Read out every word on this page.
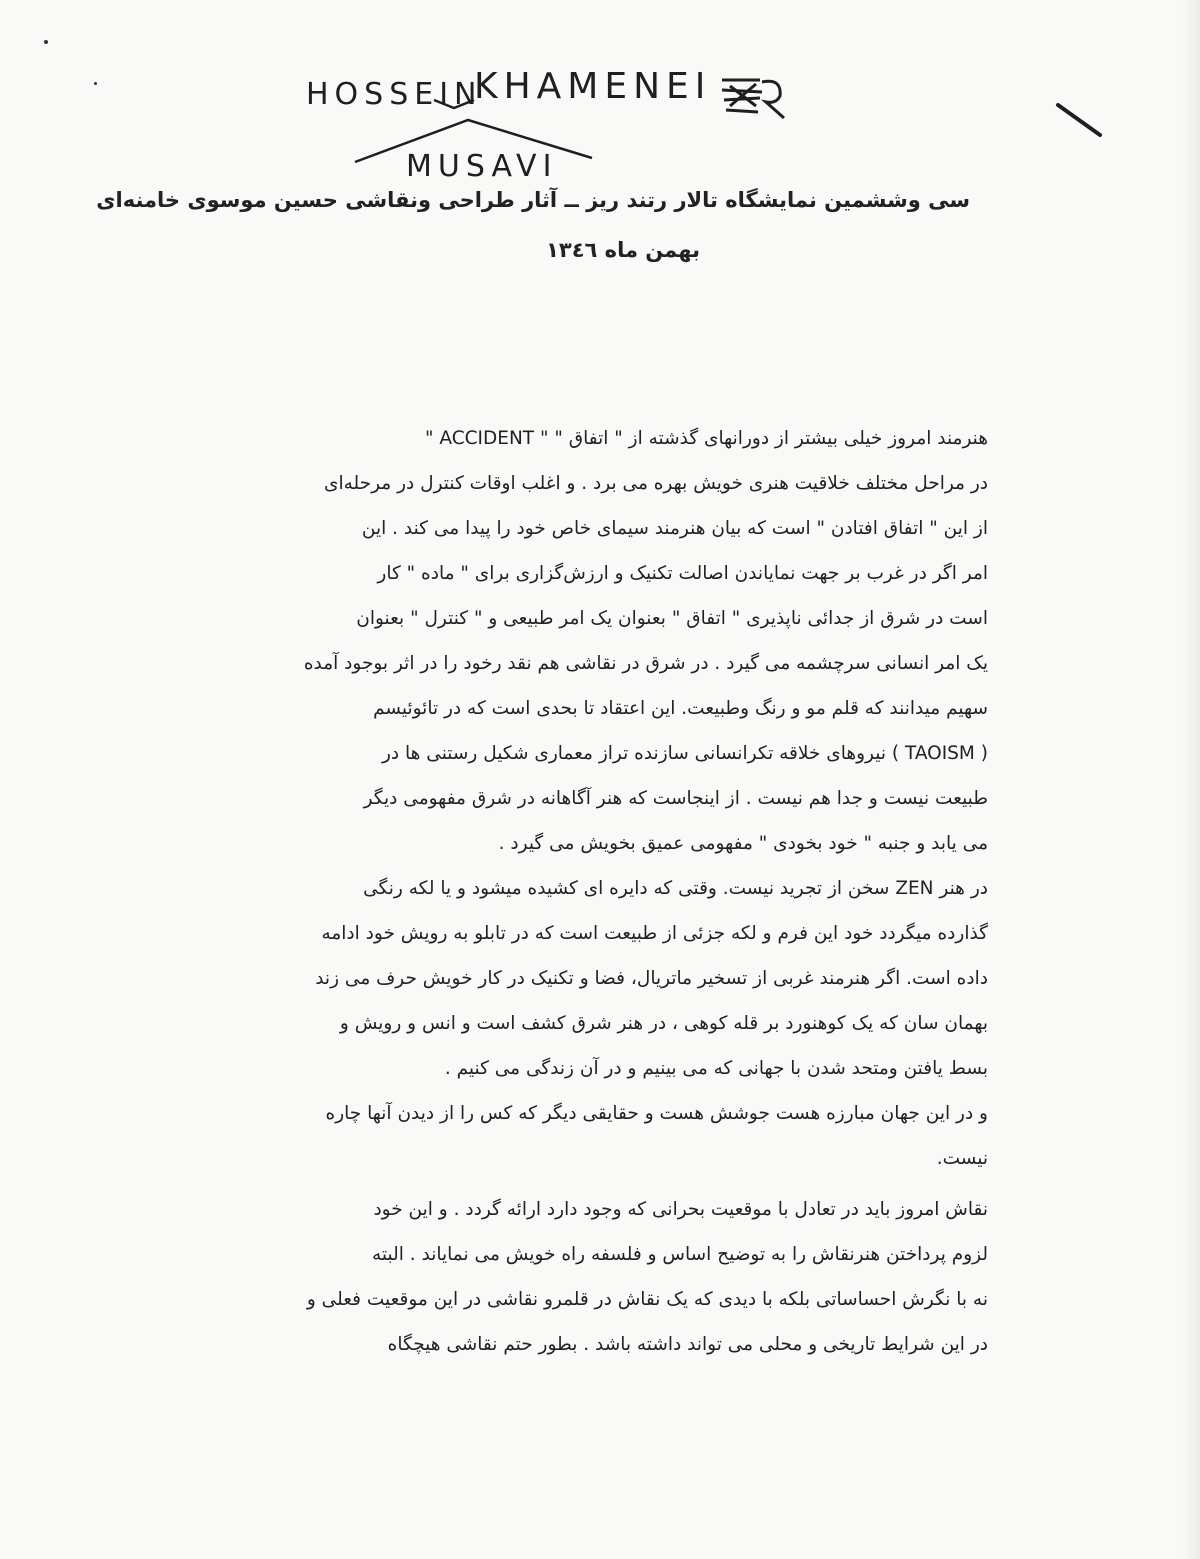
HOSSEIN
KHAMENEI
MUSAVI
سی وششمین نمایشگاه تالار رتند ریز ــ آثار طراحی ونقاشی حسین موسوی خامنه‌ای
بهمن ماه ١٣٤٦

هنرمند امروز خیلی بیشتر از دورانهای گذشته از " اتفاق " " ACCIDENT "
در مراحل مختلف خلاقیت هنری خویش بهره می برد . و اغلب اوقات کنترل در مرحله‌ای
از این " اتفاق افتادن " است که بیان هنرمند سیمای خاص خود را پیدا می کند . این
امر اگر در غرب بر جهت نمایاندن اصالت تکنیک و ارزش‌گزاری برای " ماده " کار
است در شرق از جدائی ناپذیری " اتفاق " بعنوان یک امر طبیعی و " کنترل " بعنوان
یک امر انسانی سرچشمه می گیرد . در شرق در نقاشی هم نقد رخود را در اثر بوجود آمده
سهیم میدانند که قلم مو و رنگ وطبیعت. این اعتقاد تا بحدی است که در تائوئیسم
( TAOISM ) نیروهای خلاقه تکرانسانی سازنده تراز معماری شکیل رستنی ها در
طبیعت نیست و جدا هم نیست . از اینجاست که هنر آگاهانه در شرق مفهومی دیگر
می یابد و جنبه " خود بخودی " مفهومی عمیق بخویش می گیرد .

در هنر ZEN سخن از تجرید نیست. وقتی که دایره ای کشیده میشود و یا لکه رنگی
گذارده میگردد خود این فرم و لکه جزئی از طبیعت است که در تابلو به رویش خود ادامه
داده است. اگر هنرمند غربی از تسخیر ماتریال، فضا و تکنیک در کار خویش حرف می زند
بهمان سان که یک کوهنورد بر قله کوهی ، در هنر شرق کشف است و انس و رویش و
بسط یافتن ومتحد شدن با جهانی که می بینیم و در آن زندگی می کنیم .

و در این جهان مبارزه هست جوشش هست و حقایقی دیگر که کس را از دیدن آنها چاره
نیست.

نقاش امروز باید در تعادل با موقعیت بحرانی که وجود دارد ارائه گردد . و این خود
لزوم پرداختن هنرنقاش را به توضیح اساس و فلسفه راه خویش می نمایاند . البته
نه با نگرش احساساتی بلکه با دیدی که یک نقاش در قلمرو نقاشی در این موقعیت فعلی و
در این شرایط تاریخی و محلی می تواند داشته باشد . بطور حتم نقاشی هیچگاه
